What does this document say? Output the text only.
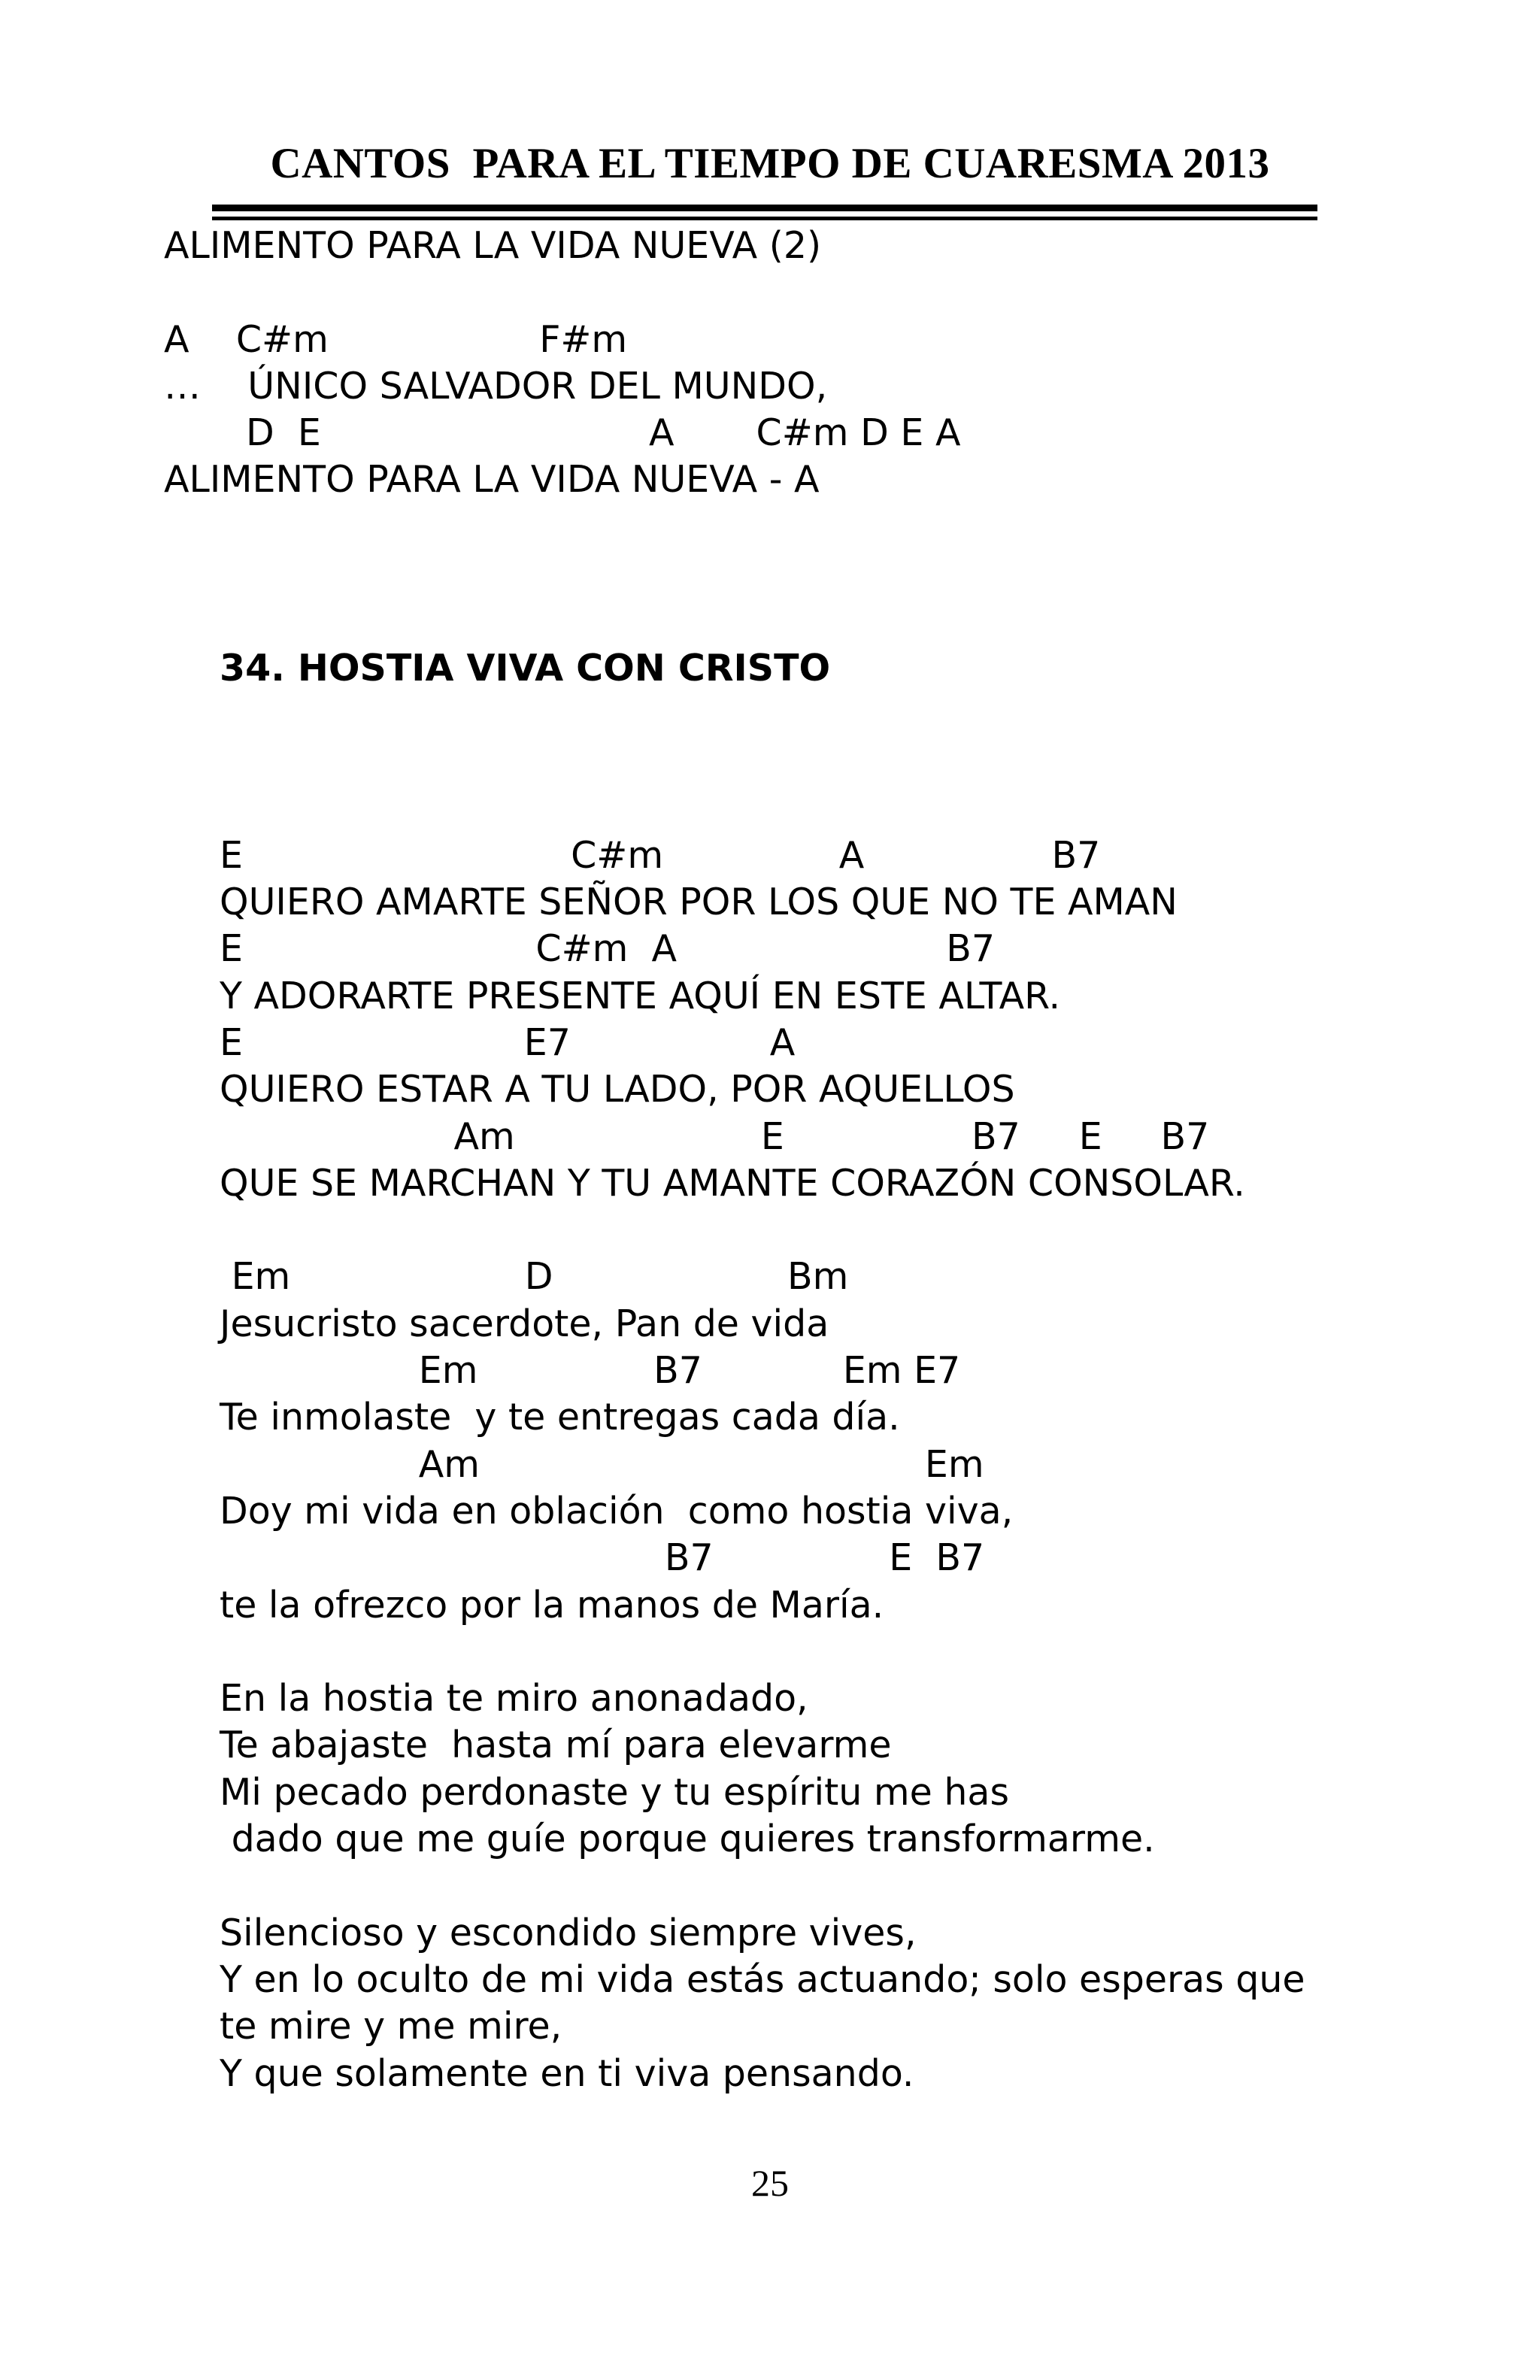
CANTOS  PARA EL TIEMPO DE CUARESMA 2013
ALIMENTO PARA LA VIDA NUEVA (2)
A    C#m                  F#m
…    ÚNICO SALVADOR DEL MUNDO,
D  E                            A       C#m D E A
ALIMENTO PARA LA VIDA NUEVA - A

34. HOSTIA VIVA CON CRISTO

E                            C#m               A                B7
QUIERO AMARTE SEÑOR POR LOS QUE NO TE AMAN
E                         C#m  A                       B7
Y ADORARTE PRESENTE AQUÍ EN ESTE ALTAR.
E                        E7                 A
QUIERO ESTAR A TU LADO, POR AQUELLOS
Am                     E                B7     E     B7
QUE SE MARCHAN Y TU AMANTE CORAZÓN CONSOLAR.
Em                    D                    Bm
Jesucristo sacerdote, Pan de vida
Em               B7            Em E7
Te inmolaste  y te entregas cada día.
Am                                      Em
Doy mi vida en oblación  como hostia viva,
B7               E  B7
te la ofrezco por la manos de María.
En la hostia te miro anonadado,
Te abajaste  hasta mí para elevarme
Mi pecado perdonaste y tu espíritu me has
dado que me guíe porque quieres transformarme.
Silencioso y escondido siempre vives,
Y en lo oculto de mi vida estás actuando; solo esperas que
te mire y me mire,
Y que solamente en ti viva pensando.

25
